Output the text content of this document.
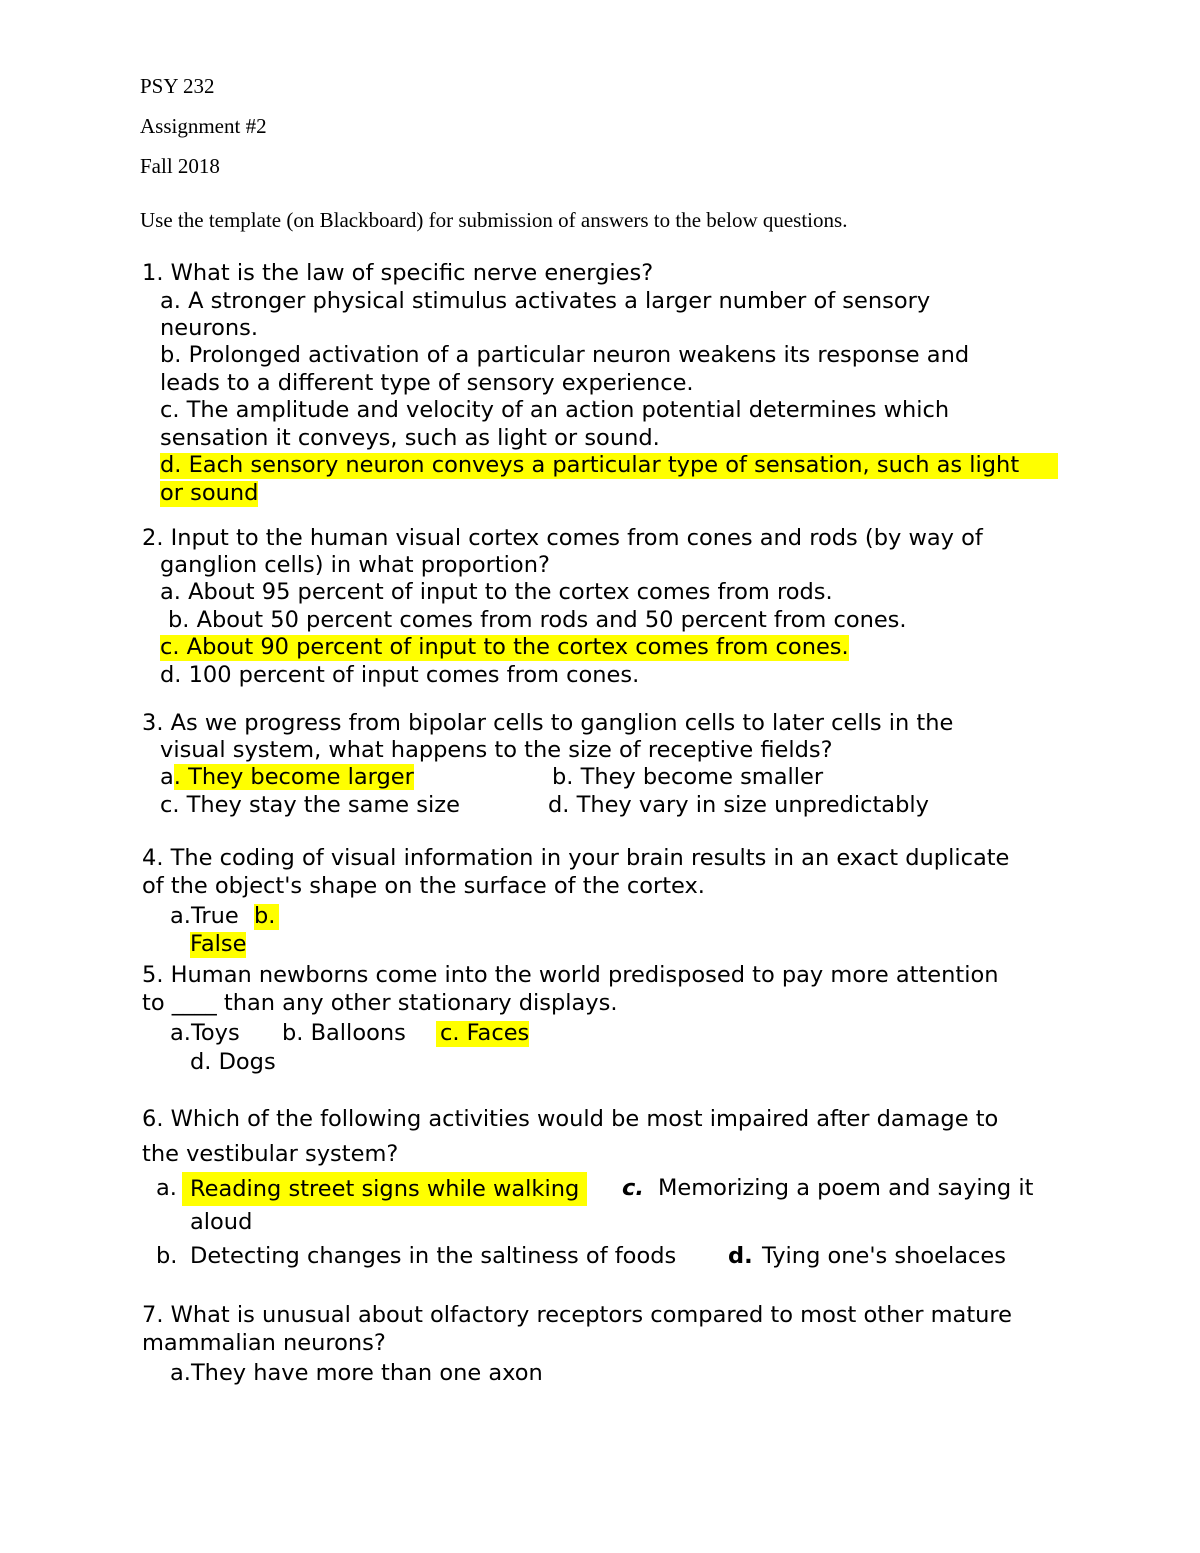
PSY 232
Assignment #2
Fall 2018
Use the template (on Blackboard) for submission of answers to the below questions.
1. What is the law of specific nerve energies?
a. A stronger physical stimulus activates a larger number of sensory
neurons.
b. Prolonged activation of a particular neuron weakens its response and
leads to a different type of sensory experience.
c. The amplitude and velocity of an action potential determines which
sensation it conveys, such as light or sound.
d. Each sensory neuron conveys a particular type of sensation, such as light
or sound
2. Input to the human visual cortex comes from cones and rods (by way of
ganglion cells) in what proportion?
a. About 95 percent of input to the cortex comes from rods.
b. About 50 percent comes from rods and 50 percent from cones.
c. About 90 percent of input to the cortex comes from cones.
d. 100 percent of input comes from cones.
3. As we progress from bipolar cells to ganglion cells to later cells in the
visual system, what happens to the size of receptive fields?
a. They become larger	b. They become smaller
c. They stay the same size	d. They vary in size unpredictably
4. The coding of visual information in your brain results in an exact duplicate
of the object's shape on the surface of the cortex.
a.True b.
False
5. Human newborns come into the world predisposed to pay more attention
to ____ than any other stationary displays.
a.Toys b. Balloons c. Faces
d. Dogs
6. Which of the following activities would be most impaired after damage to
the vestibular system?
a. Reading street signs while walking	c. Memorizing a poem and saying it
aloud
b. Detecting changes in the saltiness of foods d. Tying one's shoelaces
7. What is unusual about olfactory receptors compared to most other mature
mammalian neurons?
a.They have more than one axon
